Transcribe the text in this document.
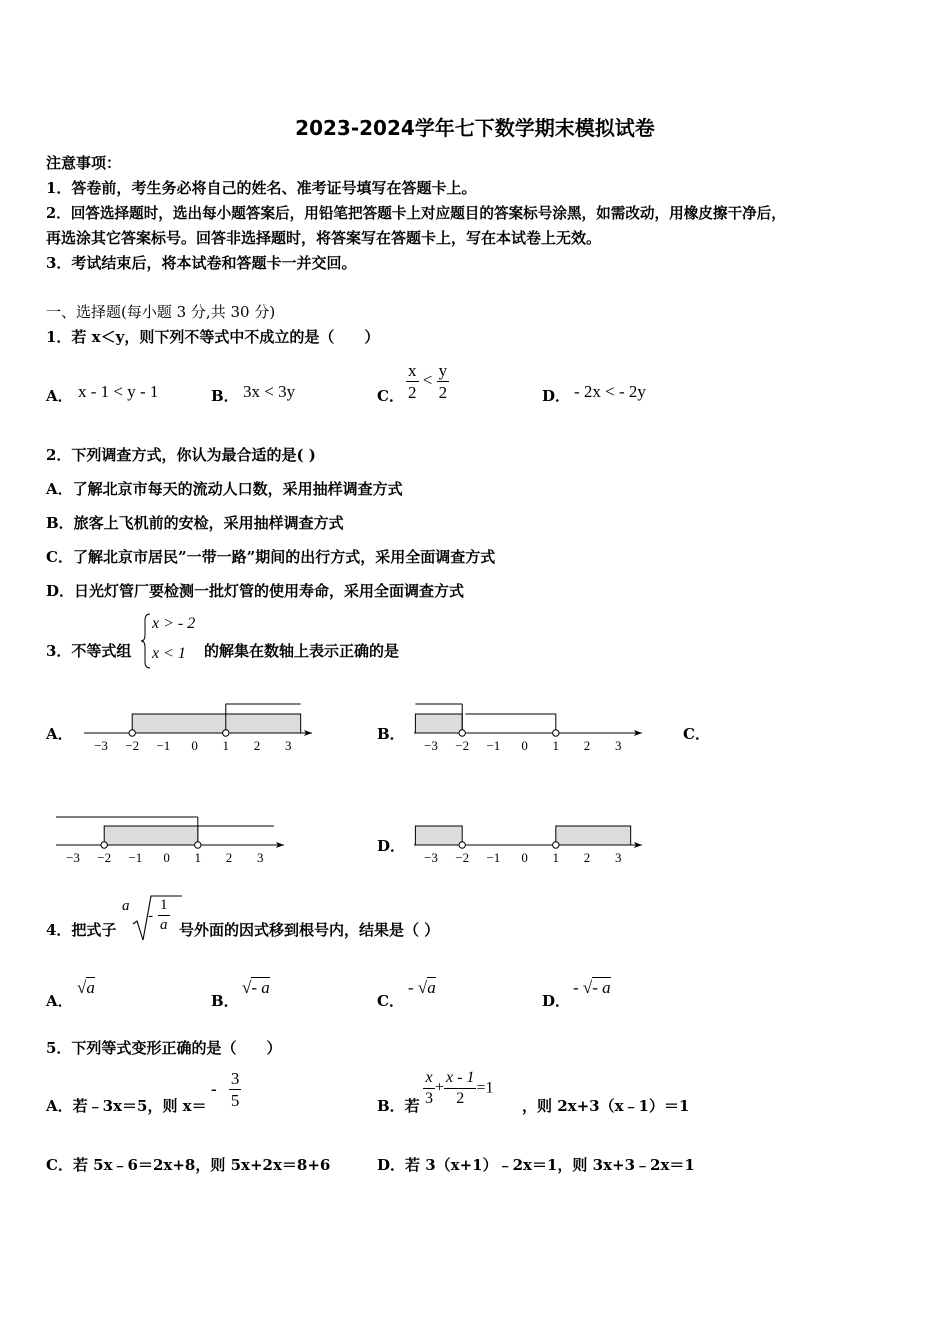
2023-2024学年七下数学期末模拟试卷
注意事项：
1．答卷前，考生务必将自己的姓名、准考证号填写在答题卡上。
2．回答选择题时，选出每小题答案后，用铅笔把答题卡上对应题目的答案标号涂黑，如需改动，用橡皮擦干净后，
再选涂其它答案标号。回答非选择题时，将答案写在答题卡上，写在本试卷上无效。
3．考试结束后，将本试卷和答题卡一并交回。
一、选择题(每小题 3 分,共 30 分)
1．若 x＜y，则下列不等式中不成立的是（　　）
A． x - 1 < y - 1	B． 3x < 3y	C． $\frac{x}{2} < \frac{y}{2}$	D． - 2x < - 2y
2．下列调查方式，你认为最合适的是( )
A．了解北京市每天的流动人口数，采用抽样调查方式
B．旅客上飞机前的安检，采用抽样调查方式
C．了解北京市居民”一带一路”期间的出行方式，采用全面调查方式
D．日光灯管厂要检测一批灯管的使用寿命，采用全面调查方式
3．不等式组
x > - 2
x < 1 的解集在数轴上表示正确的是
A．	B．	C．
D．
−3 −2 −1 0 1 2 3	−3 −2 −1 0 1 2 3
−3 −2 −1 0 1 2 3	−3 −2 −1 0 1 2 3
4．把式子
a
- $\frac{1}{a}$ 号外面的因式移到根号内，结果是（ ）
A．
√a
B．
√- a
C．
- √a
D．
- √- a
5．下列等式变形正确的是（　　）
A．若﹣3x＝5，则 x＝
- $\frac{3}{5}$	B．若 $\frac{x}{3} + \frac{x - 1}{2} =1$
，则 2x+3（x﹣1）＝1
C．若 5x﹣6＝2x+8，则 5x+2x＝8+6	D．若 3（x+1）﹣2x＝1，则 3x+3﹣2x＝1
